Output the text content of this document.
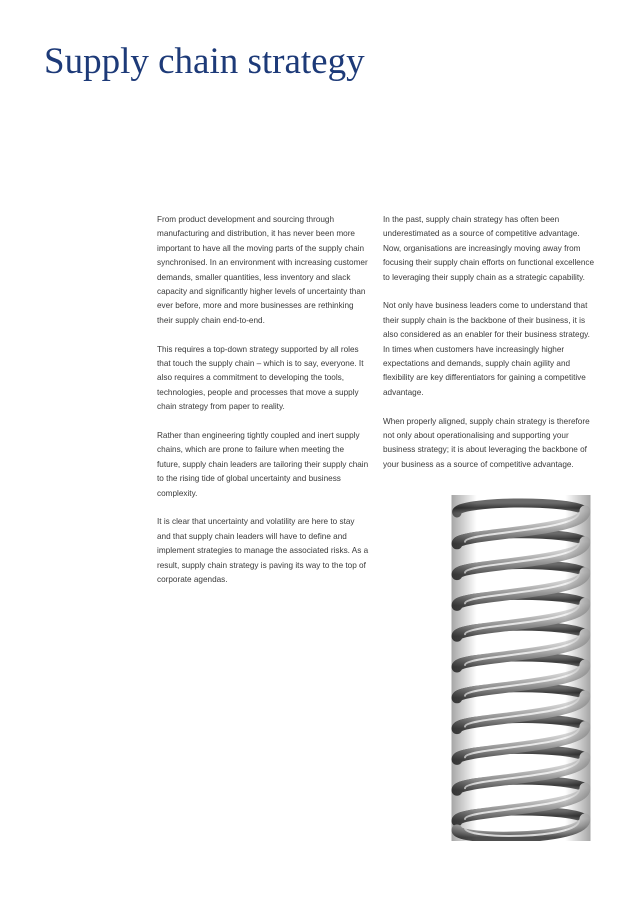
Supply chain strategy

From product development and sourcing through manufacturing and distribution, it has never been more important to have all the moving parts of the supply chain synchronised. In an environment with increasing customer demands, smaller quantities, less inventory and slack capacity and significantly higher levels of uncertainty than ever before, more and more businesses are rethinking their supply chain end-to-end.

This requires a top-down strategy supported by all roles that touch the supply chain – which is to say, everyone. It also requires a commitment to developing the tools, technologies, people and processes that move a supply chain strategy from paper to reality.

Rather than engineering tightly coupled and inert supply chains, which are prone to failure when meeting the future, supply chain leaders are tailoring their supply chain to the rising tide of global uncertainty and business complexity.

It is clear that uncertainty and volatility are here to stay and that supply chain leaders will have to define and implement strategies to manage the associated risks. As a result, supply chain strategy is paving its way to the top of corporate agendas.

In the past, supply chain strategy has often been underestimated as a source of competitive advantage. Now, organisations are increasingly moving away from focusing their supply chain efforts on functional excellence to leveraging their supply chain as a strategic capability.

Not only have business leaders come to understand that their supply chain is the backbone of their business, it is also considered as an enabler for their business strategy. In times when customers have increasingly higher expectations and demands, supply chain agility and flexibility are key differentiators for gaining a competitive advantage.

When properly aligned, supply chain strategy is therefore not only about operationalising and supporting your business strategy; it is about leveraging the backbone of your business as a source of competitive advantage.
